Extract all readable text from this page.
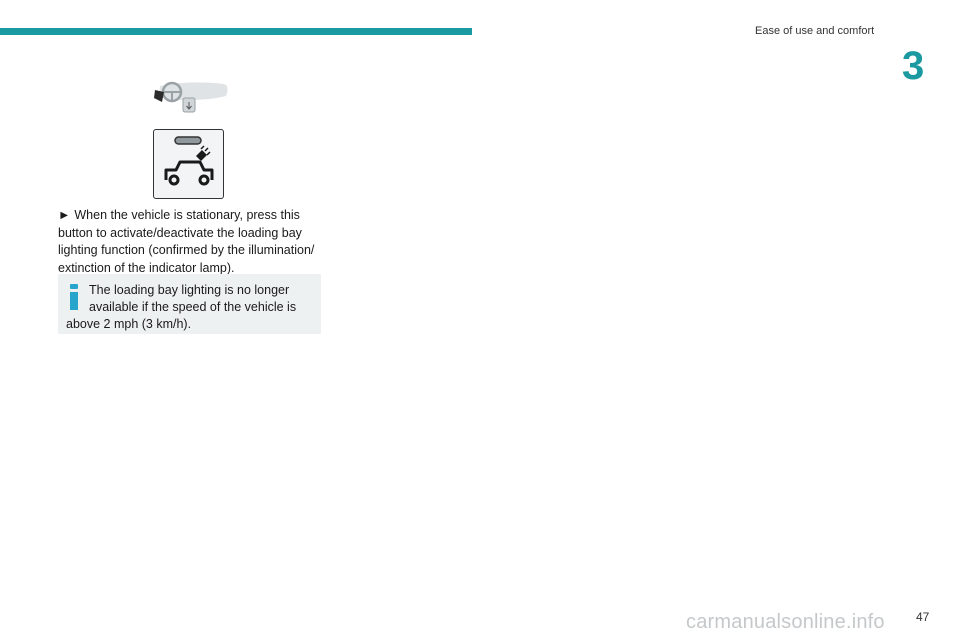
Ease of use and comfort
3
► When the vehicle is stationary, press this button to activate/deactivate the loading bay lighting function (confirmed by the illumination/ extinction of the indicator lamp).
The loading bay lighting is no longer available if the speed of the vehicle is above 2 mph (3 km/h).
47
carmanualsonline.info
